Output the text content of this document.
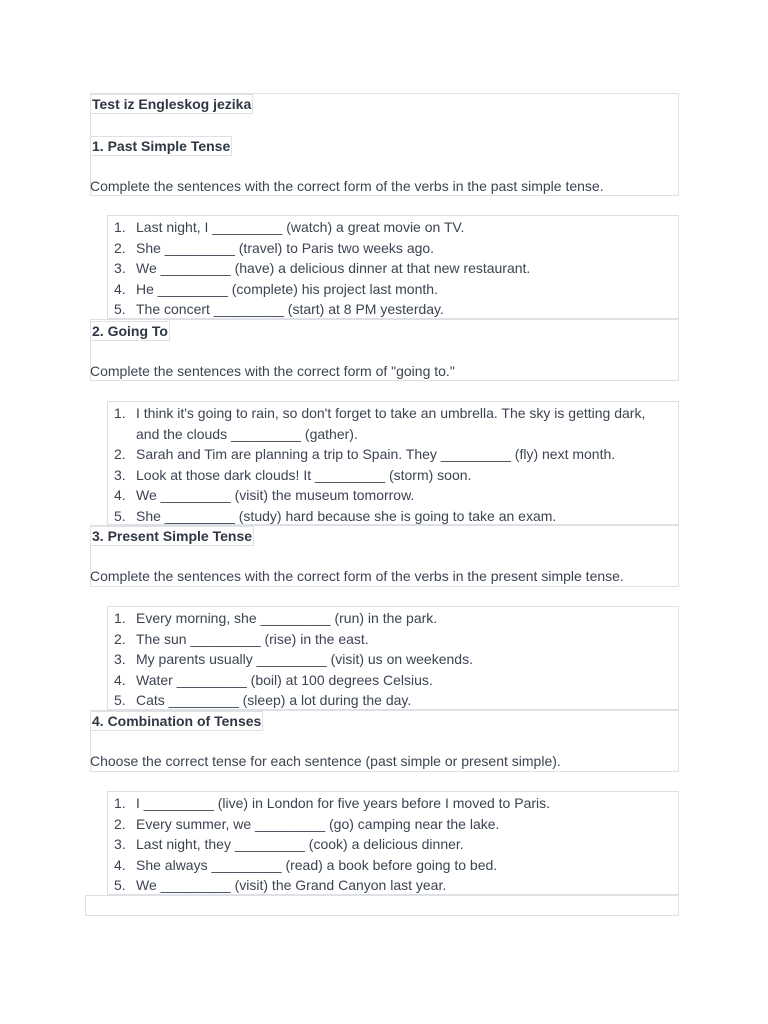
Test iz Engleskog jezika
1. Past Simple Tense
Complete the sentences with the correct form of the verbs in the past simple tense.
1. Last night, I _________ (watch) a great movie on TV.
2. She _________ (travel) to Paris two weeks ago.
3. We _________ (have) a delicious dinner at that new restaurant.
4. He _________ (complete) his project last month.
5. The concert _________ (start) at 8 PM yesterday.
2. Going To
Complete the sentences with the correct form of "going to."
1. I think it's going to rain, so don't forget to take an umbrella. The sky is getting dark, and the clouds _________ (gather).
2. Sarah and Tim are planning a trip to Spain. They _________ (fly) next month.
3. Look at those dark clouds! It _________ (storm) soon.
4. We _________ (visit) the museum tomorrow.
5. She _________ (study) hard because she is going to take an exam.
3. Present Simple Tense
Complete the sentences with the correct form of the verbs in the present simple tense.
1. Every morning, she _________ (run) in the park.
2. The sun _________ (rise) in the east.
3. My parents usually _________ (visit) us on weekends.
4. Water _________ (boil) at 100 degrees Celsius.
5. Cats _________ (sleep) a lot during the day.
4. Combination of Tenses
Choose the correct tense for each sentence (past simple or present simple).
1. I _________ (live) in London for five years before I moved to Paris.
2. Every summer, we _________ (go) camping near the lake.
3. Last night, they _________ (cook) a delicious dinner.
4. She always _________ (read) a book before going to bed.
5. We _________ (visit) the Grand Canyon last year.
